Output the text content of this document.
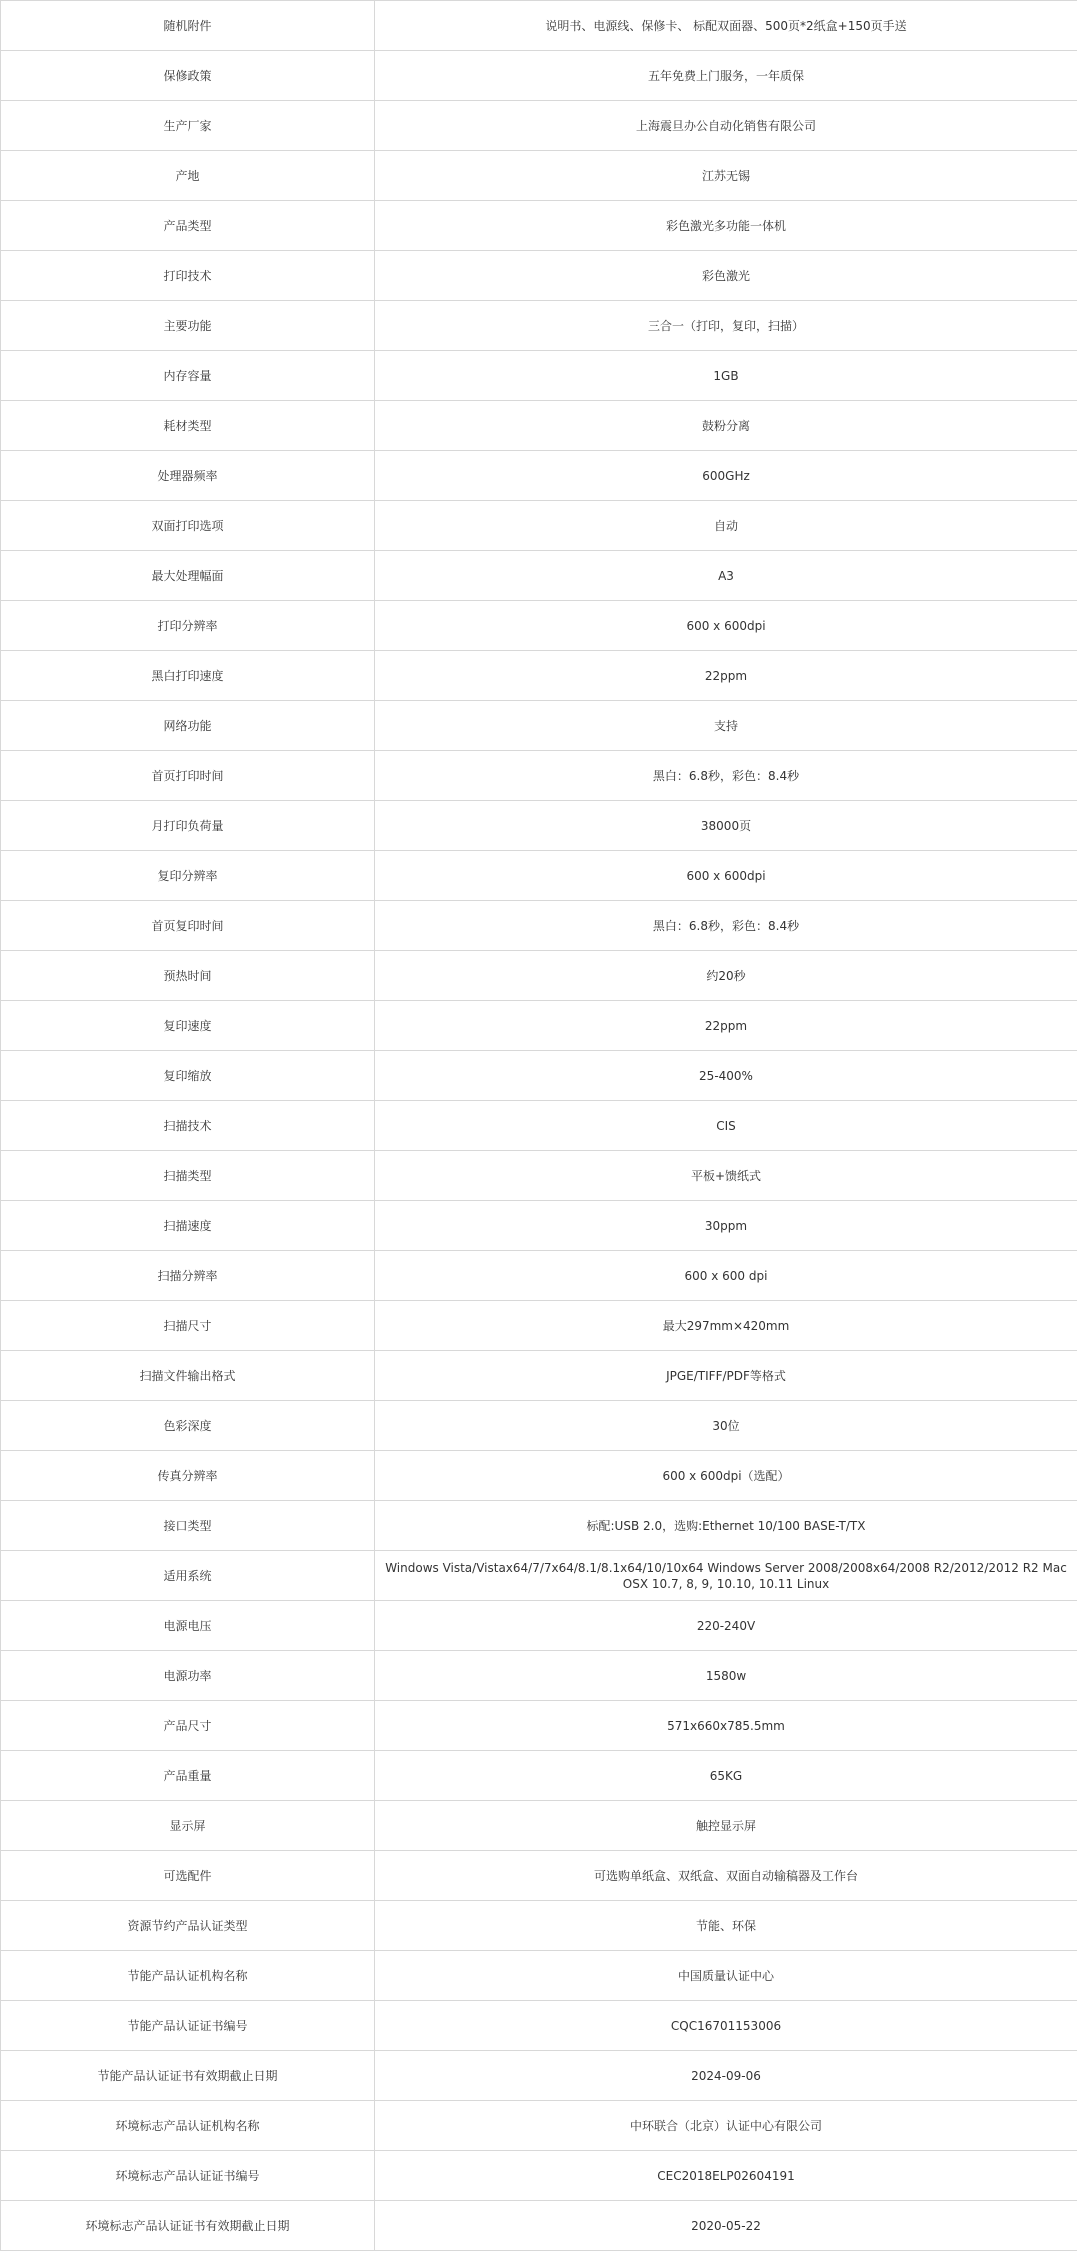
随机附件	说明书、电源线、保修卡、 标配双面器、500页*2纸盒+150页手送
保修政策	五年免费上门服务，一年质保
生产厂家	上海震旦办公自动化销售有限公司
产地	江苏无锡
产品类型	彩色激光多功能一体机
打印技术	彩色激光
主要功能	三合一（打印，复印，扫描）
内存容量	1GB
耗材类型	鼓粉分离
处理器频率	600GHz
双面打印选项	自动
最大处理幅面	A3
打印分辨率	600 x 600dpi
黑白打印速度	22ppm
网络功能	支持
首页打印时间	黑白：6.8秒，彩色：8.4秒
月打印负荷量	38000页
复印分辨率	600 x 600dpi
首页复印时间	黑白：6.8秒，彩色：8.4秒
预热时间	约20秒
复印速度	22ppm
复印缩放	25-400%
扫描技术	CIS
扫描类型	平板+馈纸式
扫描速度	30ppm
扫描分辨率	600 x 600 dpi
扫描尺寸	最大297mm×420mm
扫描文件输出格式	JPGE/TIFF/PDF等格式
色彩深度	30位
传真分辨率	600 x 600dpi（选配）
接口类型	标配:USB 2.0，选购:Ethernet 10/100 BASE-T/TX
适用系统	Windows Vista/Vistax64/7/7x64/8.1/8.1x64/10/10x64 Windows Server 2008/2008x64/2008 R2/2012/2012 R2 Mac OSX 10.7, 8, 9, 10.10, 10.11 Linux
电源电压	220-240V
电源功率	1580w
产品尺寸	571x660x785.5mm
产品重量	65KG
显示屏	触控显示屏
可选配件	可选购单纸盒、双纸盒、双面自动输稿器及工作台
资源节约产品认证类型	节能、环保
节能产品认证机构名称	中国质量认证中心
节能产品认证证书编号	CQC16701153006
节能产品认证证书有效期截止日期	2024-09-06
环境标志产品认证机构名称	中环联合（北京）认证中心有限公司
环境标志产品认证证书编号	CEC2018ELP02604191
环境标志产品认证证书有效期截止日期	2020-05-22
